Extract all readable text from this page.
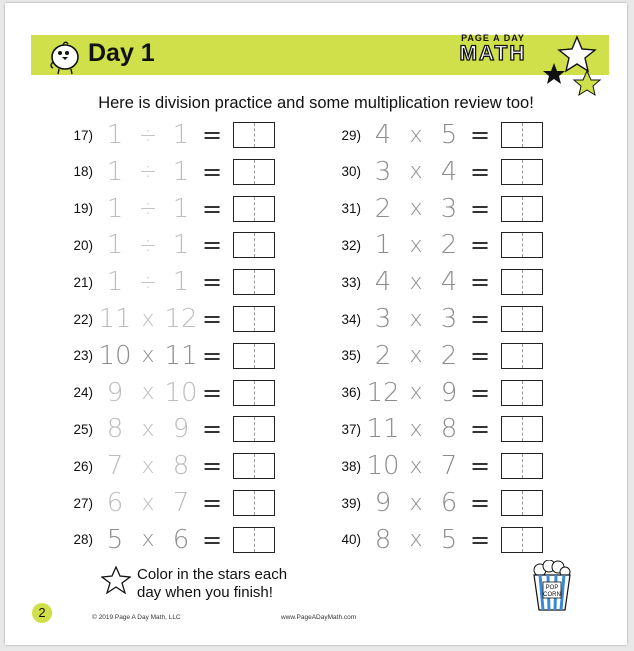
Day 1
PAGE A DAY
MATH
Here is division practice and some multiplication review too!
17) 1 ÷ 1 =
18) 1 ÷ 1 =
19) 1 ÷ 1 =
20) 1 ÷ 1 =
21) 1 ÷ 1 =
22) 11 x 12 =
23) 10 x 11 =
24) 9 x 10 =
25) 8 x 9 =
26) 7 x 8 =
27) 6 x 7 =
28) 5 x 6 =
29) 4 x 5 =
30) 3 x 4 =
31) 2 x 3 =
32) 1 x 2 =
33) 4 x 4 =
34) 3 x 3 =
35) 2 x 2 =
36) 12 x 9 =
37) 11 x 8 =
38) 10 x 7 =
39) 9 x 6 =
40) 8 x 5 =
Color in the stars each
day when you finish!
2	© 2019 Page A Day Math, LLC	www.PageADayMath.com
POP
CORN
